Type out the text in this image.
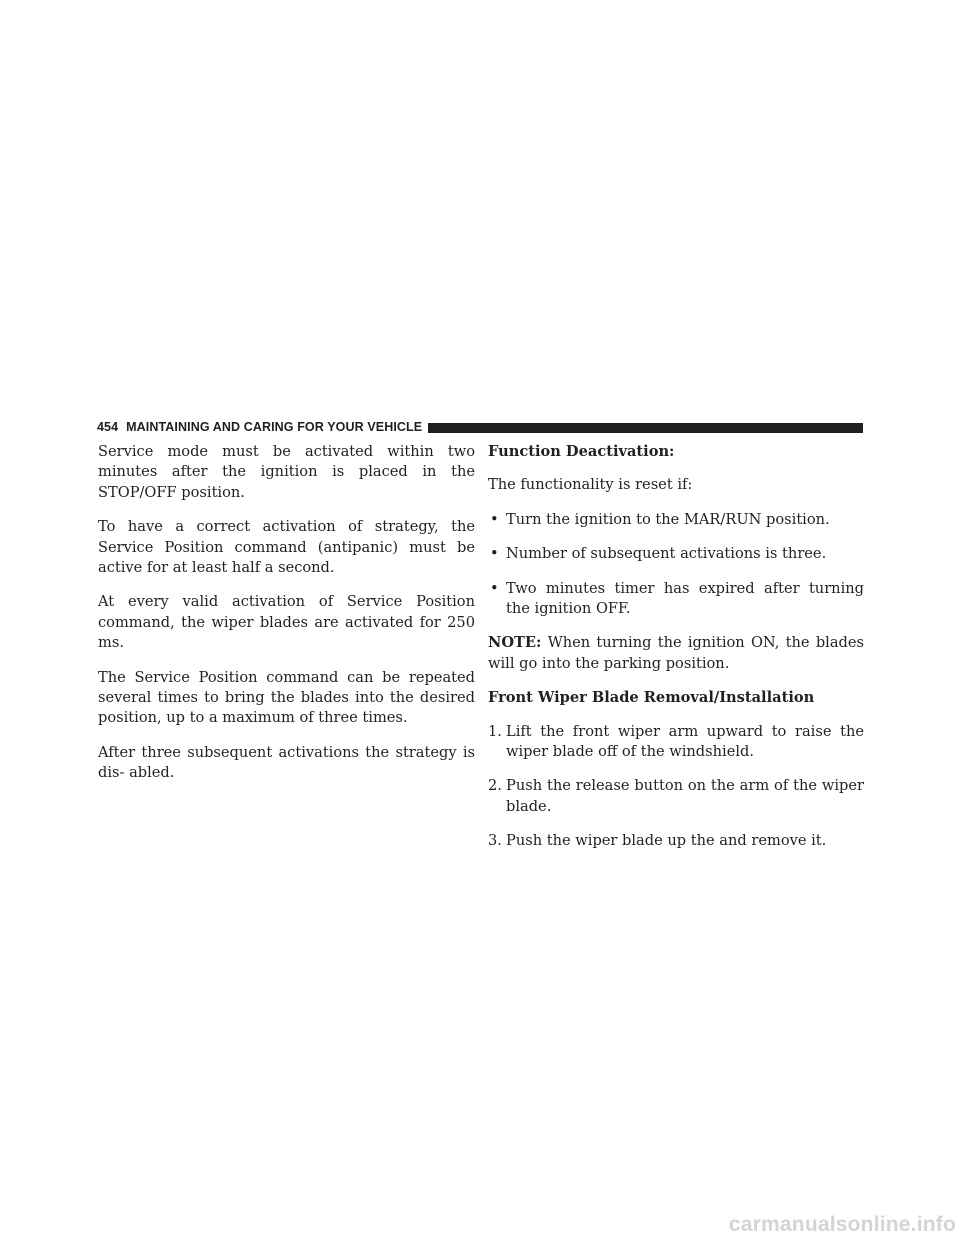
454 MAINTAINING AND CARING FOR YOUR VEHICLE

Service mode must be activated within two minutes after the ignition is placed in the STOP/OFF position.

To have a correct activation of strategy, the Service Position command (antipanic) must be active for at least half a second.

At every valid activation of Service Position command, the wiper blades are activated for 250 ms.

The Service Position command can be repeated several times to bring the blades into the desired position, up to a maximum of three times.

After three subsequent activations the strategy is dis- abled.

Function Deactivation:

The functionality is reset if:

• Turn the ignition to the MAR/RUN position.
• Number of subsequent activations is three.
• Two minutes timer has expired after turning the ignition OFF.

NOTE: When turning the ignition ON, the blades will go into the parking position.

Front Wiper Blade Removal/Installation

1. Lift the front wiper arm upward to raise the wiper blade off of the windshield.
2. Push the release button on the arm of the wiper blade.
3. Push the wiper blade up the and remove it.
carmanualsonline.info
